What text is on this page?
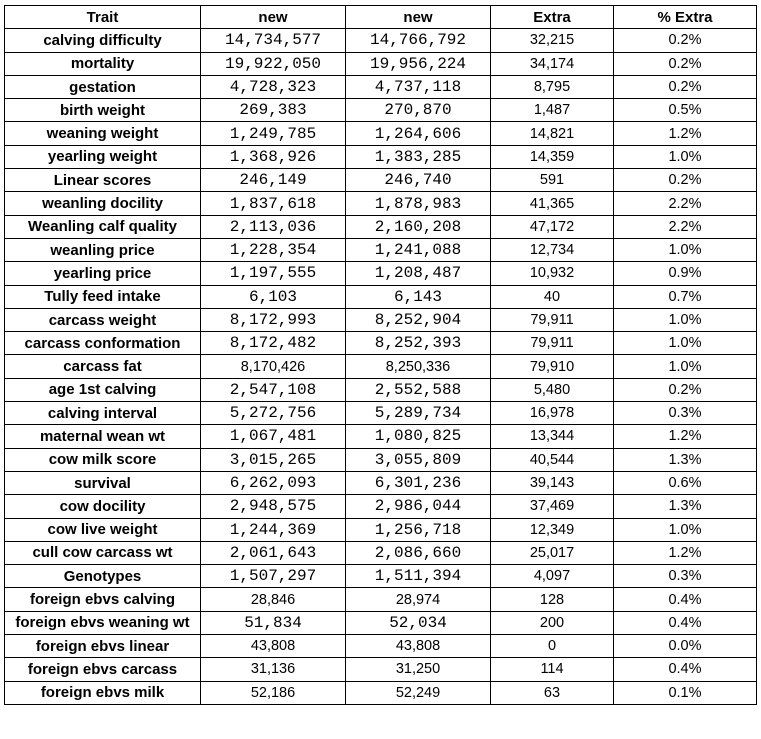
Trait	new	new	Extra	% Extra
calving difficulty	14,734,577	14,766,792	32,215	0.2%
mortality	19,922,050	19,956,224	34,174	0.2%
gestation	4,728,323	4,737,118	8,795	0.2%
birth weight	269,383	270,870	1,487	0.5%
weaning weight	1,249,785	1,264,606	14,821	1.2%
yearling weight	1,368,926	1,383,285	14,359	1.0%
Linear scores	246,149	246,740	591	0.2%
weanling docility	1,837,618	1,878,983	41,365	2.2%
Weanling calf quality	2,113,036	2,160,208	47,172	2.2%
weanling price	1,228,354	1,241,088	12,734	1.0%
yearling price	1,197,555	1,208,487	10,932	0.9%
Tully feed intake	6,103	6,143	40	0.7%
carcass weight	8,172,993	8,252,904	79,911	1.0%
carcass conformation	8,172,482	8,252,393	79,911	1.0%
carcass fat	8,170,426	8,250,336	79,910	1.0%
age 1st calving	2,547,108	2,552,588	5,480	0.2%
calving interval	5,272,756	5,289,734	16,978	0.3%
maternal wean wt	1,067,481	1,080,825	13,344	1.2%
cow milk score	3,015,265	3,055,809	40,544	1.3%
survival	6,262,093	6,301,236	39,143	0.6%
cow docility	2,948,575	2,986,044	37,469	1.3%
cow live weight	1,244,369	1,256,718	12,349	1.0%
cull cow carcass wt	2,061,643	2,086,660	25,017	1.2%
Genotypes	1,507,297	1,511,394	4,097	0.3%
foreign ebvs calving	28,846	28,974	128	0.4%
foreign ebvs weaning wt	51,834	52,034	200	0.4%
foreign ebvs linear	43,808	43,808	0	0.0%
foreign ebvs carcass	31,136	31,250	114	0.4%
foreign ebvs milk	52,186	52,249	63	0.1%
